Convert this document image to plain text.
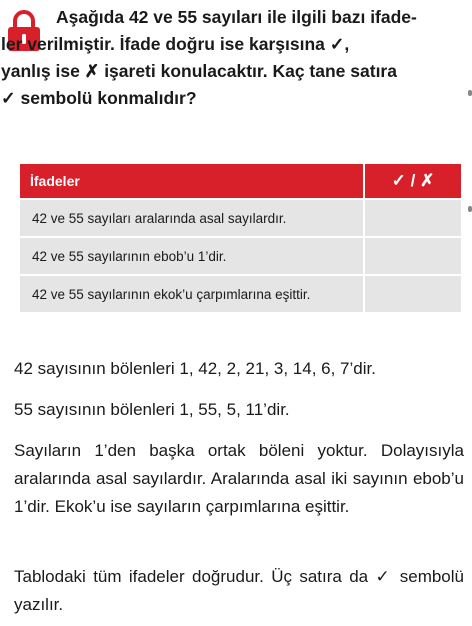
Aşağıda 42 ve 55 sayıları ile ilgili bazı ifade-
ler verilmiştir. İfade doğru ise karşısına ✓,
yanlış ise ✗ işareti konulacaktır. Kaç tane satıra
✓ sembolü konmalıdır?
İfadeler	✓ / ✗
42 ve 55 sayıları aralarında asal sayılardır.	
42 ve 55 sayılarının ebob’u 1’dir.	
42 ve 55 sayılarının ekok’u çarpımlarına eşittir.	

42 sayısının bölenleri 1, 42, 2, 21, 3, 14, 6, 7’dir.

55 sayısının bölenleri 1, 55, 5, 11’dir.

Sayıların 1’den başka ortak böleni yoktur. Dolayısıyla aralarında asal sayılardır. Aralarında asal iki sayının ebob’u 1’dir. Ekok’u ise sayıların çarpımlarına eşittir.

Tablodaki tüm ifadeler doğrudur. Üç satıra da ✓ sembolü yazılır.
